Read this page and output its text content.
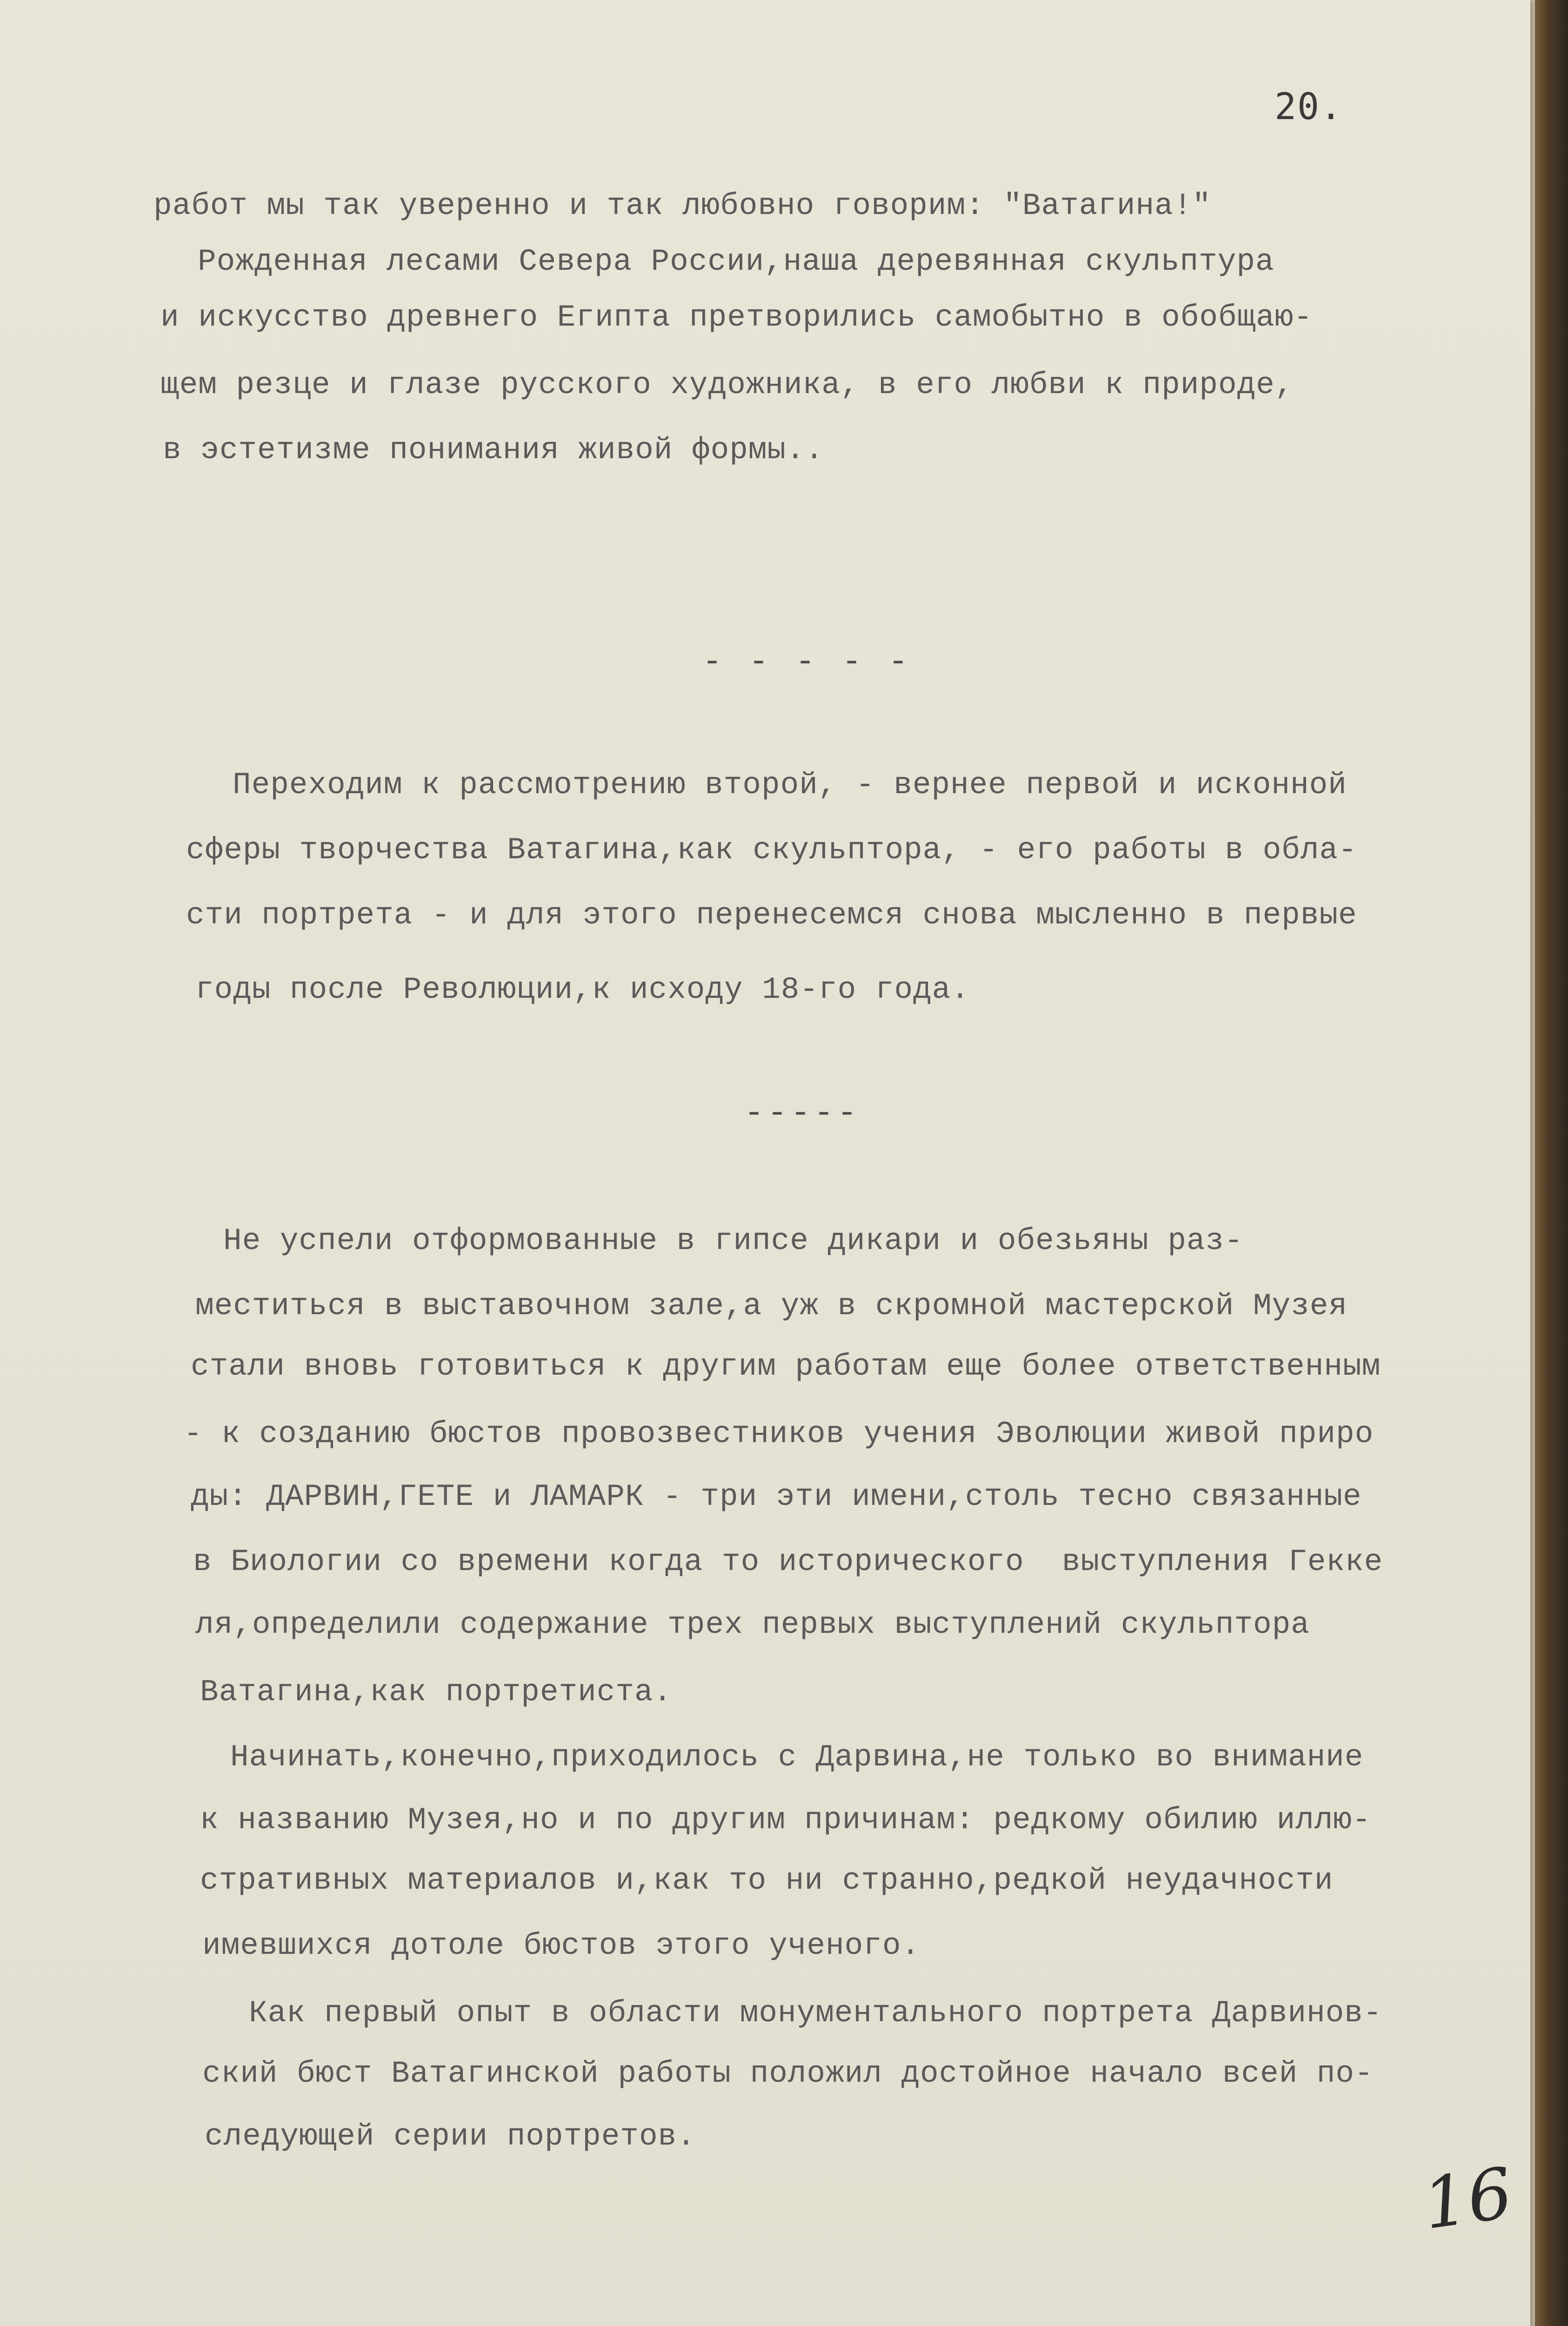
20.
работ мы так уверенно и так любовно говорим: "Ватагина!"
Рожденная лесами Севера России,наша деревянная скульптура
и искусство древнего Египта претворились самобытно в обобщаю-
щем резце и глазе русского художника, в его любви к природе,
в эстетизме понимания живой формы..
- - - - -
Переходим к рассмотрению второй, - вернее первой и исконной
сферы творчества Ватагина,как скульптора, - его работы в обла-
сти портрета - и для этого перенесемся снова мысленно в первые
годы после Революции,к исходу 18-го года.
-----
Не успели отформованные в гипсе дикари и обезьяны раз-
меститься в выставочном зале,а уж в скромной мастерской Музея
стали вновь готовиться к другим работам еще более ответственным
- к созданию бюстов провозвестников учения Эволюции живой приро
ды: ДАРВИН,ГЕТЕ и ЛАМАРК - три эти имени,столь тесно связанные
в Биологии со времени когда то исторического  выступления Гекке
ля,определили содержание трех первых выступлений скульптора
Ватагина,как портретиста.
Начинать,конечно,приходилось с Дарвина,не только во внимание
к названию Музея,но и по другим причинам: редкому обилию иллю-
стративных материалов и,как то ни странно,редкой неудачности
имевшихся дотоле бюстов этого ученого.
Как первый опыт в области монументального портрета Дарвинов-
ский бюст Ватагинской работы положил достойное начало всей по-
следующей серии портретов.
16
